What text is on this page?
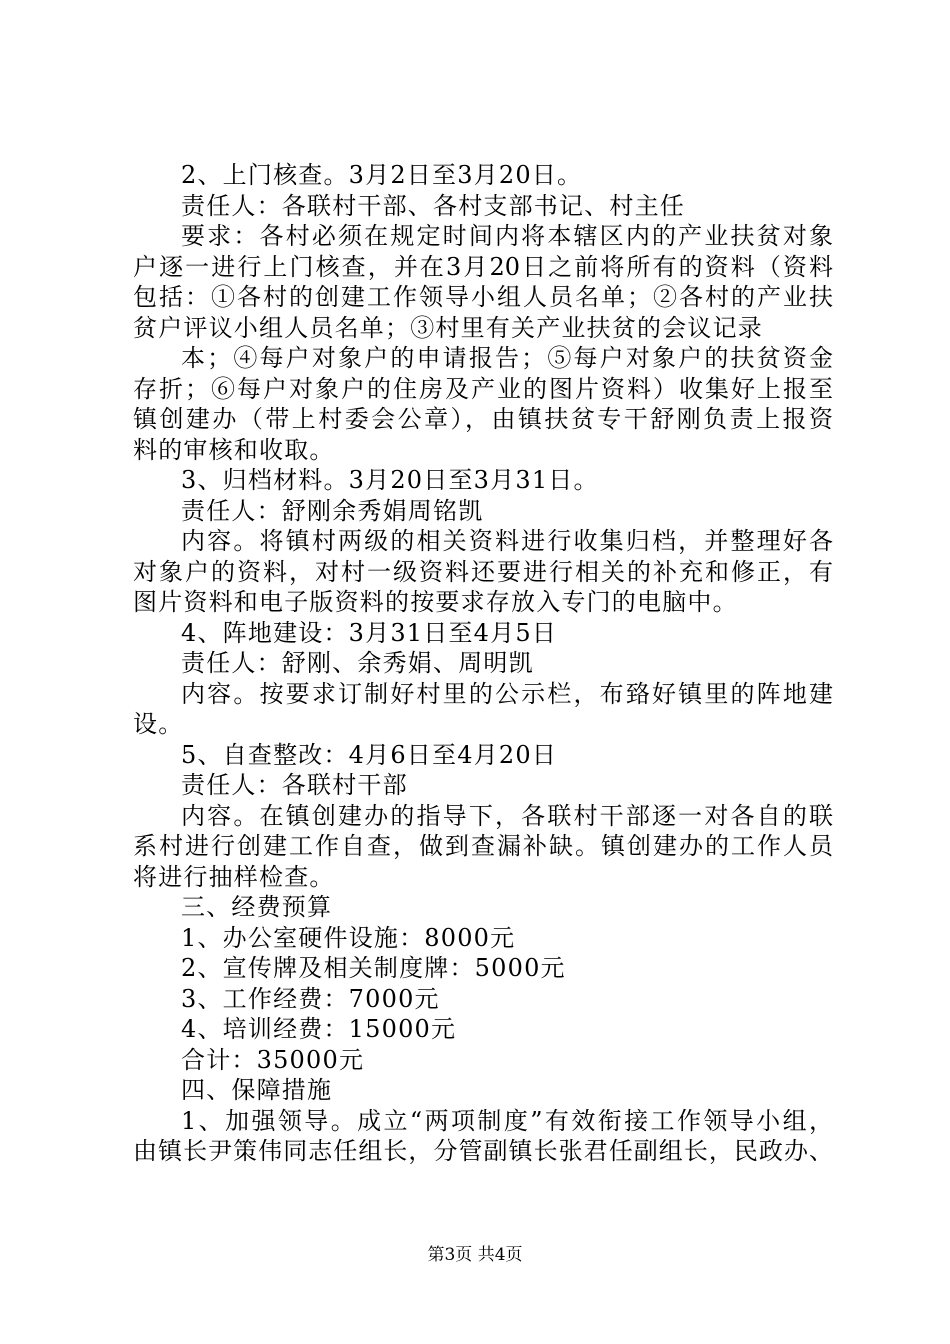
2、上门核查。3月2日至3月20日。
责任人：各联村干部、各村支部书记、村主任
要求：各村必须在规定时间内将本辖区内的产业扶贫对象
户逐一进行上门核查，并在3月20日之前将所有的资料（资料
包括：①各村的创建工作领导小组人员名单；②各村的产业扶
贫户评议小组人员名单；③村里有关产业扶贫的会议记录
本；④每户对象户的申请报告；⑤每户对象户的扶贫资金
存折；⑥每户对象户的住房及产业的图片资料）收集好上报至
镇创建办（带上村委会公章），由镇扶贫专干舒刚负责上报资
料的审核和收取。
3、归档材料。3月20日至3月31日。
责任人：舒刚余秀娟周铭凯
内容。将镇村两级的相关资料进行收集归档，并整理好各
对象户的资料，对村一级资料还要进行相关的补充和修正，有
图片资料和电子版资料的按要求存放入专门的电脑中。
4、阵地建设：3月31日至4月5日
责任人：舒刚、余秀娟、周明凯
内容。按要求订制好村里的公示栏，布臵好镇里的阵地建
设。
5、自查整改：4月6日至4月20日
责任人：各联村干部
内容。在镇创建办的指导下，各联村干部逐一对各自的联
系村进行创建工作自查，做到查漏补缺。镇创建办的工作人员
将进行抽样检查。
三、经费预算
1、办公室硬件设施：8000元
2、宣传牌及相关制度牌：5000元
3、工作经费：7000元
4、培训经费：15000元
合计：35000元
四、保障措施
1、加强领导。成立“两项制度”有效衔接工作领导小组，
由镇长尹策伟同志任组长，分管副镇长张君任副组长，民政办、
第3页 共4页
